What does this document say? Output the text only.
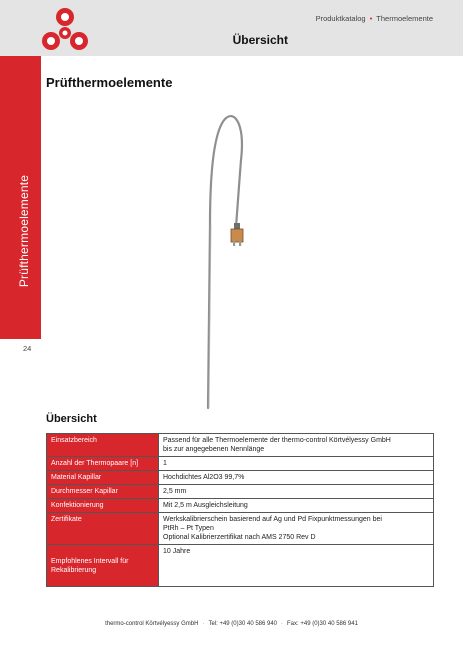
Produktkatalog • Thermoelemente
Übersicht
Prüfthermoelemente
24
Prüfthermoelemente
Übersicht
Einsatzbereich	Passend für alle Thermoelemente der thermo-control Körtvélyessy GmbH
bis zur angegebenen Nennlänge
Anzahl der Thermopaare [n]	1
Material Kapillar	Hochdichtes Al2O3 99,7%
Durchmesser Kapillar	2,5 mm
Konfektionierung	Mit 2,5 m Ausgleichsleitung
Zertifikate	Werkskalibrierschein basierend auf Ag und Pd Fixpunktmessungen bei
PtRh – Pt Typen
Optional Kalibrierzertifikat nach AMS 2750 Rev D
Empfohlenes Intervall für Rekalibrierung	10 Jahre
thermo-control Körtvélyessy GmbH · Tel: +49 (0)30 40 586 940 · Fax: +49 (0)30 40 586 941
